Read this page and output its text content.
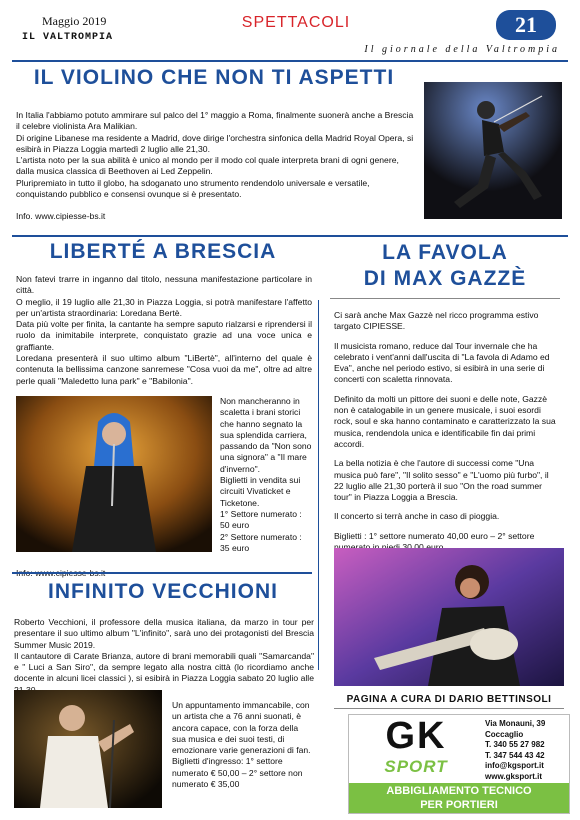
Maggio 2019
IL VALTROMPIA
SPETTACOLI	21
Il giornale della Valtrompia
IL VIOLINO CHE NON TI ASPETTI

In Italia l'abbiamo potuto ammirare sul palco del 1° maggio a Roma, finalmente suonerà anche a Brescia il celebre violinista Ara Malikian.

Di origine Libanese ma residente a Madrid, dove dirige l'orchestra sinfonica della Madrid Royal Opera, si esibirà in Piazza Loggia martedì 2 luglio alle 21,30.

L'artista noto per la sua abilità è unico al mondo per il modo col quale interpreta brani di ogni genere, dalla musica classica di Beethoven ai Led Zeppelin.

Pluripremiato in tutto il globo, ha sdoganato uno strumento rendendolo universale e versatile, conquistando pubblico e consensi ovunque si è presentato.

Info. www.cipiesse-bs.it

LIBERTÉ A BRESCIA

Non fatevi trarre in inganno dal titolo, nessuna manifestazione particolare in città.

O meglio, il 19 luglio alle 21,30 in Piazza Loggia, si potrà manifestare l'affetto per un'artista straordinaria: Loredana Bertè.

Data più volte per finita, la cantante ha sempre saputo rialzarsi e riprendersi il ruolo da inimitabile interprete, conquistato grazie ad una voce unica e graffiante.

Loredana presenterà il suo ultimo album "LiBertè", all'interno del quale è contenuta la bellissima canzone sanremese "Cosa vuoi da me", oltre ad altre perle quali "Maledetto luna park" e "Babilonia".

Non mancheranno in scaletta i brani storici che hanno segnato la sua splendida carriera, passando da "Non sono una signora" a "Il mare d'inverno".

Biglietti in vendita sui circuiti Vivaticket e Ticketone.

1° Settore numerato : 50 euro

2° Settore numerato : 35 euro

LA FAVOLA
DI MAX GAZZÈ

Ci sarà anche Max Gazzè nel ricco programma estivo targato CIPIESSE.

Il musicista romano, reduce dal Tour invernale che ha celebrato i vent'anni dall'uscita di "La favola di Adamo ed Eva", anche nel periodo estivo, si esibirà in una serie di concerti con scaletta rinnovata.

Definito da molti un pittore dei suoni e delle note, Gazzè non è catalogabile in un genere musicale, i suoi esordi rock, soul e ska hanno contaminato e caratterizzato la sua musica, rendendola unica e identificabile fin dai primi accordi.

La bella notizia è che l'autore di successi come "Una musica può fare", "Il solito sesso" e "L'uomo più furbo", il 22 luglio alle 21,30 porterà il suo "On the road summer tour" in Piazza Loggia a Brescia.

Il concerto si terrà anche in caso di pioggia.

Biglietti : 1° settore numerato 40,00 euro – 2° settore

INFINITO VECCHIONI

Roberto Vecchioni, il professore della musica italiana, da marzo in tour per presentare il suo ultimo album "L'infinito", sarà uno dei protagonisti del Brescia Summer Music 2019.

Il cantautore di Carate Brianza, autore di brani memorabili quali "Samarcanda" e " Luci a San Siro", da sempre legato alla nostra città (lo ricordiamo anche docente in alcuni licei classici ), si esibirà in Piazza Loggia sabato 20 luglio alle

Un appuntamento immancabile, con un artista che a 76 anni suonati, è ancora capace, con la forza della sua musica e dei suoi testi, di emozionare varie generazioni di fan.

Biglietti d'ingresso: 1° settore numerato € 50,00 – 2° settore non numerato € 35,00

PAGINA A CURA DI DARIO BETTINSOLI
GK
SPORT
Via Monauni, 39
Coccaglio
T. 340 55 27 982
T. 347 544 43 42
info@kgsport.it
www.gksport.it
ABBIGLIAMENTO TECNICO
PER PORTIERI
